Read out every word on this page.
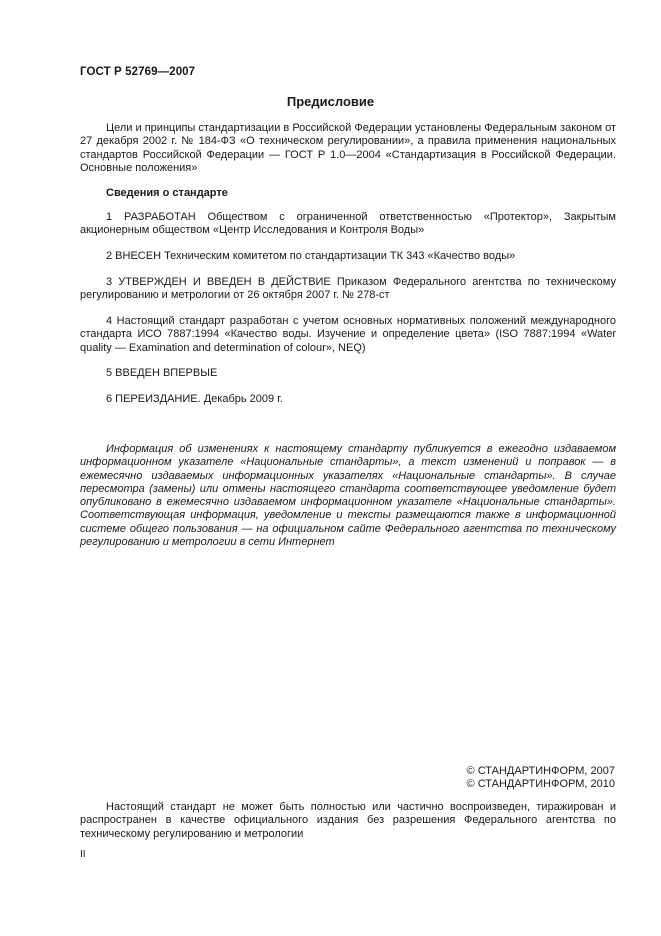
ГОСТ Р 52769—2007
Предисловие

Цели и принципы стандартизации в Российской Федерации установлены Федеральным законом от 27 декабря 2002 г. № 184-ФЗ «О техническом регулировании», а правила применения национальных стандартов Российской Федерации — ГОСТ Р 1.0—2004 «Стандартизация в Российской Федерации. Основные положения»

Сведения о стандарте

1 РАЗРАБОТАН Обществом с ограниченной ответственностью «Протектор», Закрытым акционерным обществом «Центр Исследования и Контроля Воды»

2 ВНЕСЕН Техническим комитетом по стандартизации ТК 343 «Качество воды»

3 УТВЕРЖДЕН И ВВЕДЕН В ДЕЙСТВИЕ Приказом Федерального агентства по техническому регулированию и метрологии от 26 октября 2007 г. № 278-ст

4 Настоящий стандарт разработан с учетом основных нормативных положений международного стандарта ИСО 7887:1994 «Качество воды. Изучение и определение цвета» (ISO 7887:1994 «Water quality — Examination and determination of colour», NEQ)

5 ВВЕДЕН ВПЕРВЫЕ

6 ПЕРЕИЗДАНИЕ. Декабрь 2009 г.

Информация об изменениях к настоящему стандарту публикуется в ежегодно издаваемом информационном указателе «Национальные стандарты», а текст изменений и поправок — в ежемесячно издаваемых информационных указателях «Национальные стандарты». В случае пересмотра (замены) или отмены настоящего стандарта соответствующее уведомление будет опубликовано в ежемесячно издаваемом информационном указателе «Национальные стандарты». Соответствующая информация, уведомление и тексты размещаются также в информационной системе общего пользования — на официальном сайте Федерального агентства по техническому регулированию и метрологии в сети Интернет

© СТАНДАРТИНФОРМ, 2007
© СТАНДАРТИНФОРМ, 2010

Настоящий стандарт не может быть полностью или частично воспроизведен, тиражирован и распространен в качестве официального издания без разрешения Федерального агентства по техническому регулированию и метрологии

II
